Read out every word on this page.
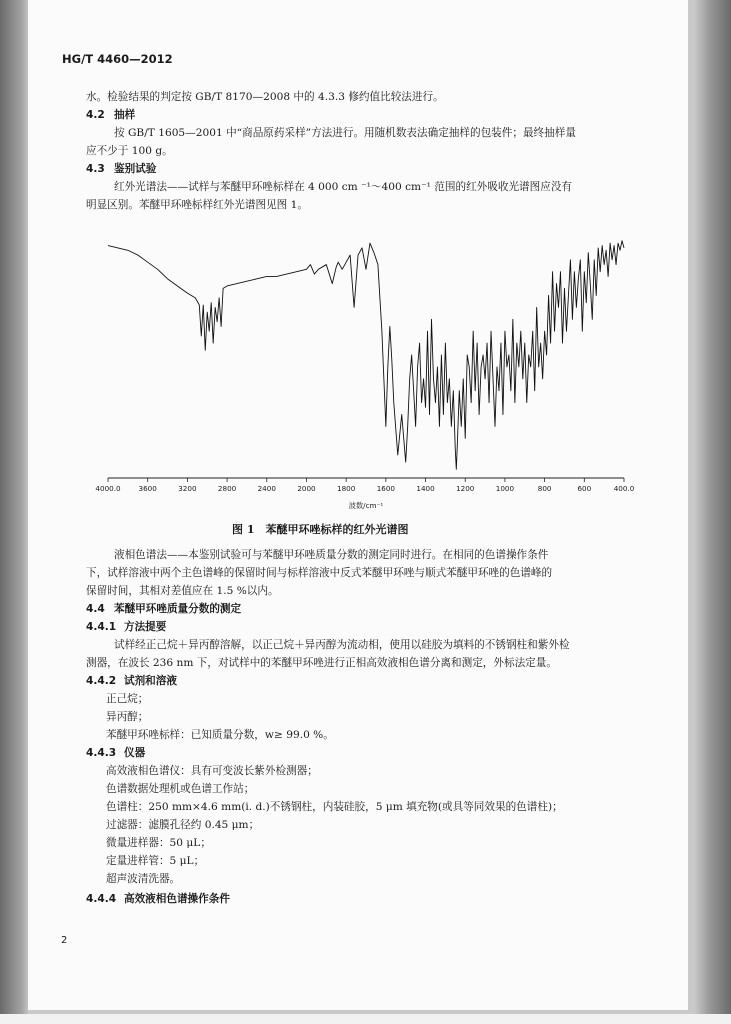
HG/T 4460—2012
水。检验结果的判定按 GB/T 8170—2008 中的 4.3.3 修约值比较法进行。
4.2 抽样
按 GB/T 1605—2001 中“商品原药采样”方法进行。用随机数表法确定抽样的包装件；最终抽样量
应不少于 100 g。
4.3 鉴别试验
红外光谱法——试样与苯醚甲环唑标样在 4 000 cm ⁻¹～400 cm⁻¹ 范围的红外吸收光谱图应没有
明显区别。苯醚甲环唑标样红外光谱图见图 1。
4000.0 3600	3200	2800	2400	2000	1800	1600	1400	1200	1000	800	600	400.0
波数/cm⁻¹
图 1　苯醚甲环唑标样的红外光谱图
液相色谱法——本鉴别试验可与苯醚甲环唑质量分数的测定同时进行。在相同的色谱操作条件
下，试样溶液中两个主色谱峰的保留时间与标样溶液中反式苯醚甲环唑与顺式苯醚甲环唑的色谱峰的
保留时间，其相对差值应在 1.5 %以内。
4.4 苯醚甲环唑质量分数的测定
4.4.1 方法提要
试样经正己烷＋异丙醇溶解，以正己烷＋异丙醇为流动相，使用以硅胶为填料的不锈钢柱和紫外检
测器，在波长 236 nm 下，对试样中的苯醚甲环唑进行正相高效液相色谱分离和测定，外标法定量。
4.4.2 试剂和溶液
正己烷；
异丙醇；
苯醚甲环唑标样：已知质量分数，w≥ 99.0 %。
4.4.3 仪器
高效液相色谱仪：具有可变波长紫外检测器；
色谱数据处理机或色谱工作站；
色谱柱：250 mm×4.6 mm(i. d.)不锈钢柱，内装硅胶，5 μm 填充物(或具等同效果的色谱柱)；
过滤器：滤膜孔径约 0.45 μm；
微量进样器：50 μL；
定量进样管：5 μL；
超声波清洗器。
4.4.4 高效液相色谱操作条件
2
